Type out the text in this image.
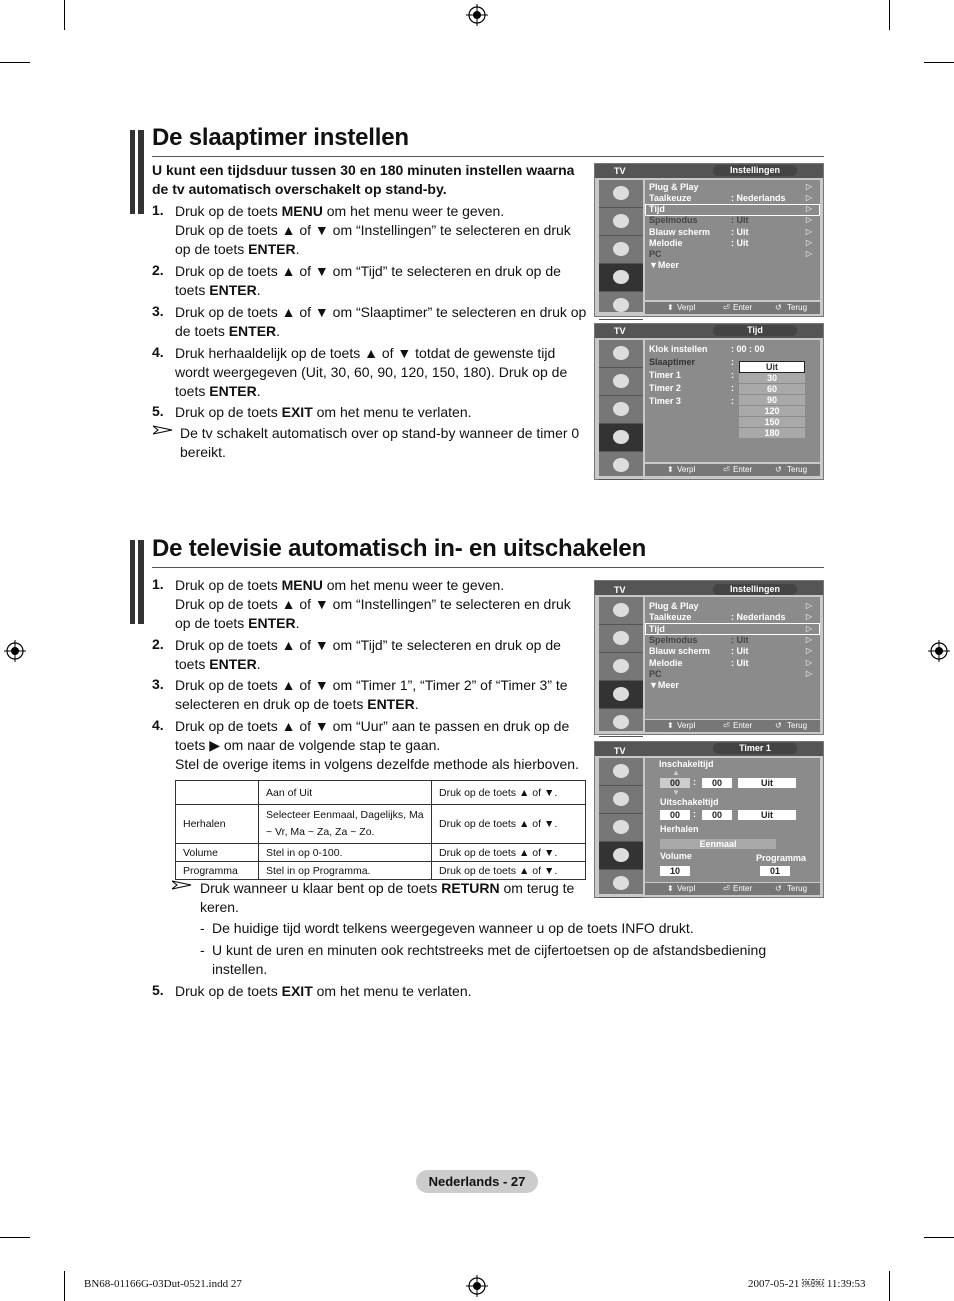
De slaaptimer instellen
U kunt een tijdsduur tussen 30 en 180 minuten instellen waarna de tv automatisch overschakelt op stand-by.
1. Druk op de toets MENU om het menu weer te geven.
Druk op de toets ▲ of ▼ om “Instellingen” te selecteren en druk op de toets ENTER.
2. Druk op de toets ▲ of ▼ om “Tijd” te selecteren en druk op de toets ENTER.
3. Druk op de toets ▲ of ▼ om “Slaaptimer” te selecteren en druk op de toets ENTER.
4. Druk herhaaldelijk op de toets ▲ of ▼ totdat de gewenste tijd wordt weergegeven (Uit, 30, 60, 90, 120, 150, 180). Druk op de toets ENTER.
5. Druk op de toets EXIT om het menu te verlaten.
De tv schakelt automatisch over op stand-by wanneer de timer 0 bereikt.
TV	Instellingen
Plug & Play
Taalkeuze	: Nederlands
Tijd
Spelmodus	: Uit
Blauw scherm : Uit
Melodie	: Uit
PC
▼Meer
▷
▷
▷
▷
▷
▷
▷
⬍ Verpl	⏎ Enter	↺ Terug
TV	Tijd
Klok instellen	: 00 : 00
Slaaptimer	:
Timer 1	:
Timer 2	:
Timer 3	:
Uit
30
60
90
120
150
180
⬍ Verpl	⏎ Enter	↺ Terug
De televisie automatisch in- en uitschakelen
1. Druk op de toets MENU om het menu weer te geven.
Druk op de toets ▲ of ▼ om “Instellingen” te selecteren en druk op de toets ENTER.
2. Druk op de toets ▲ of ▼ om “Tijd” te selecteren en druk op de toets ENTER.
3. Druk op de toets ▲ of ▼ om “Timer 1”, “Timer 2” of “Timer 3” te selecteren en druk op de toets ENTER.
4. Druk op de toets ▲ of ▼ om “Uur” aan te passen en druk op de toets ▶ om naar de volgende stap te gaan.
Stel de overige items in volgens dezelfde methode als hierboven.
	Aan of Uit	Druk op de toets ▲ of ▼.
Herhalen	Selecteer Eenmaal, Dagelijks, Ma ~ Vr, Ma ~ Za, Za ~ Zo.	Druk op de toets ▲ of ▼.
Volume	Stel in op 0-100.	Druk op de toets ▲ of ▼.
Programma	Stel in op Programma.	Druk op de toets ▲ of ▼.
Druk wanneer u klaar bent op de toets RETURN om terug te keren.
- De huidige tijd wordt telkens weergegeven wanneer u op de toets INFO drukt.
- U kunt de uren en minuten ook rechtstreeks met de cijfertoetsen op de afstandsbediening instellen.
5. Druk op de toets EXIT om het menu te verlaten.
TV	Instellingen
Plug & Play
Taalkeuze	: Nederlands
Tijd
Spelmodus	: Uit
Blauw scherm : Uit
Melodie	: Uit
PC
▼Meer
▷
▷
▷
▷
▷
▷
▷
⬍ Verpl	⏎ Enter	↺ Terug
TV	Timer 1
Inschakeltijd
▲
00	:	00	Uit
▼
Uitschakeltijd
00	:	00	Uit
Herhalen
Eenmaal
Volume	Programma
10	01
⬍ Verpl	⏎ Enter	↺ Terug
Nederlands - 27
BN68-01166G-03Dut-0521.indd 27	2007-05-21 ￼￼ 11:39:53
